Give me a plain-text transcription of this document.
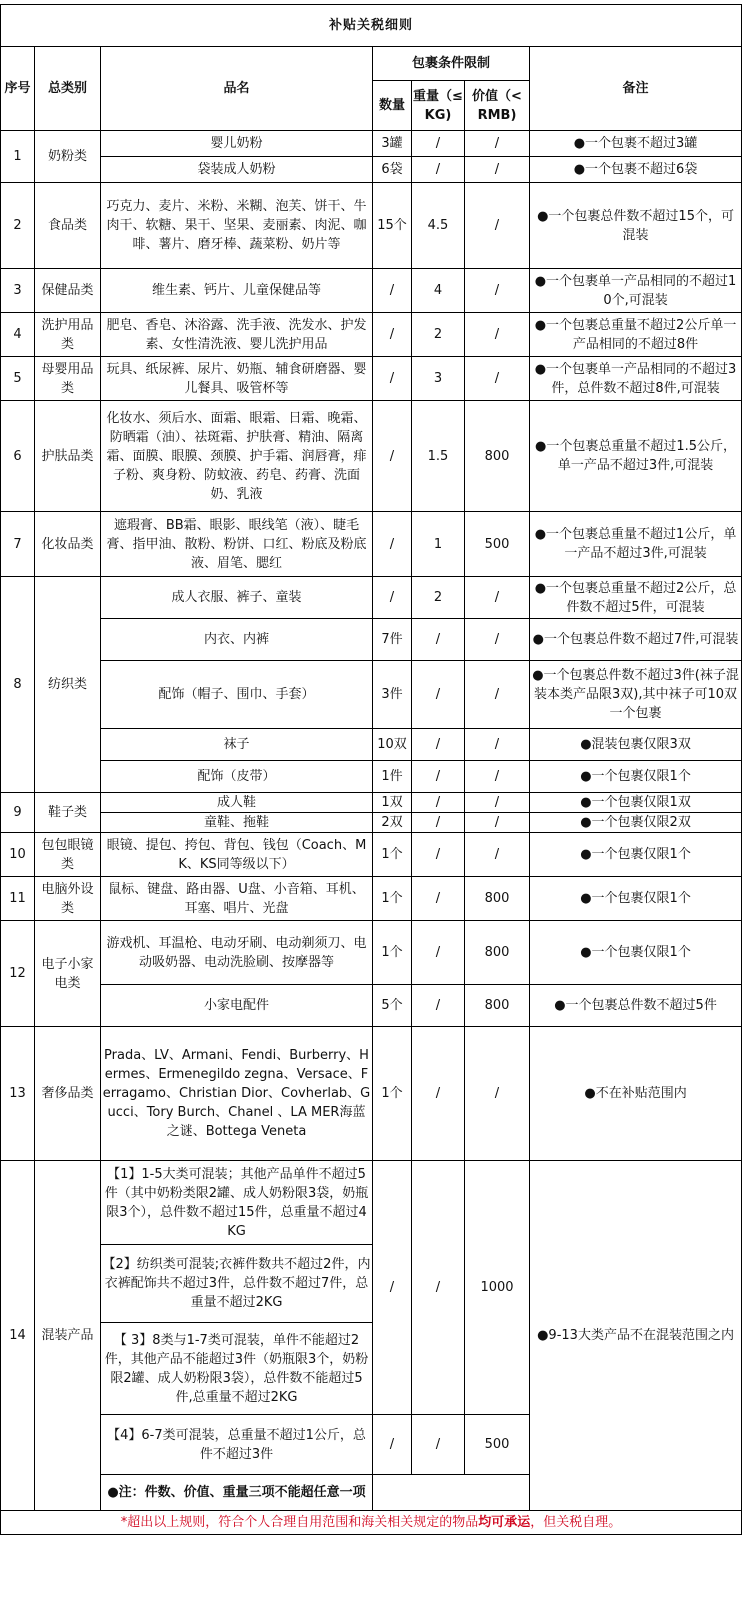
补贴关税细则						
序号	总类别	品名	包裹条件限制			备注
			数量	重量（≤KG)	价值（< RMB)	
1	奶粉类	婴儿奶粉	3罐	/	/	●一个包裹不超过3罐
		袋装成人奶粉	6袋	/	/	●一个包裹不超过6袋
2	食品类	巧克力、麦片、米粉、米糊、泡芙、饼干、牛肉干、软糖、果干、坚果、麦丽素、肉泥、咖啡、薯片、磨牙棒、蔬菜粉、奶片等	15个	4.5	/	●一个包裹总件数不超过15个，可混装
3	保健品类	维生素、钙片、儿童保健品等	/	4	/	●一个包裹单一产品相同的不超过10个,可混装
4	洗护用品类	肥皂、香皂、沐浴露、洗手液、洗发水、护发素、女性清洗液、婴儿洗护用品	/	2	/	●一个包裹总重量不超过2公斤单一产品相同的不超过8件
5	母婴用品类	玩具、纸尿裤、尿片、奶瓶、辅食研磨器、婴儿餐具、吸管杯等	/	3	/	●一个包裹单一产品相同的不超过3件，总件数不超过8件,可混装
6	护肤品类	化妆水、须后水、面霜、眼霜、日霜、晚霜、防晒霜（油）、祛斑霜、护肤膏、精油、隔离霜、面膜、眼膜、颈膜、护手霜、润唇膏，痱子粉、爽身粉、防蚊液、药皂、药膏、洗面奶、乳液	/	1.5	800	●一个包裹总重量不超过1.5公斤，单一产品不超过3件,可混装
7	化妆品类	遮瑕膏、BB霜、眼影、眼线笔（液）、睫毛膏、指甲油、散粉、粉饼、口红、粉底及粉底液、眉笔、腮红	/	1	500	●一个包裹总重量不超过1公斤，单一产品不超过3件,可混装
8	纺织类	成人衣服、裤子、童装	/	2	/	●一个包裹总重量不超过2公斤，总件数不超过5件，可混装
		内衣、内裤	7件	/	/	●一个包裹总件数不超过7件,可混装
		配饰（帽子、围巾、手套）	3件	/	/	●一个包裹总件数不超过3件(袜子混装本类产品限3双),其中袜子可10双一个包裹
		袜子	10双	/	/	●混装包裹仅限3双
		配饰（皮带）	1件	/	/	●一个包裹仅限1个
9	鞋子类	成人鞋	1双	/	/	●一个包裹仅限1双
		童鞋、拖鞋	2双	/	/	●一个包裹仅限2双
10	包包眼镜类	眼镜、提包、挎包、背包、钱包（Coach、MK、KS同等级以下）	1个	/	/	●一个包裹仅限1个
11	电脑外设类	鼠标、键盘、路由器、U盘、小音箱、耳机、耳塞、唱片、光盘	1个	/	800	●一个包裹仅限1个
12	电子小家电类	游戏机、耳温枪、电动牙刷、电动剃须刀、电动吸奶器、电动洗脸刷、按摩器等	1个	/	800	●一个包裹仅限1个
		小家电配件	5个	/	800	●一个包裹总件数不超过5件
13	奢侈品类	Prada、LV、Armani、Fendi、Burberry、Hermes、Ermenegildo zegna、Versace、Ferragamo、Christian Dior、Covherlab、Gucci、Tory Burch、Chanel 、LA MER海蓝之谜、Bottega Veneta	1个	/	/	●不在补贴范围内
14	混装产品	【1】1-5大类可混装；其他产品单件不超过5件（其中奶粉类限2罐、成人奶粉限3袋，奶瓶限3个），总件数不超过15件，总重量不超过4KG	/	/	1000	●9-13大类产品不在混装范围之内
		【2】纺织类可混装;衣裤件数共不超过2件，内衣裤配饰共不超过3件，总件数不超过7件，总重量不超过2KG				
		【 3】8类与1-7类可混装，单件不能超过2件，其他产品不能超过3件（奶瓶限3个，奶粉限2罐、成人奶粉限3袋），总件数不能超过5件,总重量不超过2KG				
		【4】6-7类可混装，总重量不超过1公斤，总件不超过3件	/	/	500	
		●注：件数、价值、重量三项不能超任意一项				
*超出以上规则，符合个人合理自用范围和海关相关规定的物品均可承运，但关税自理。						
